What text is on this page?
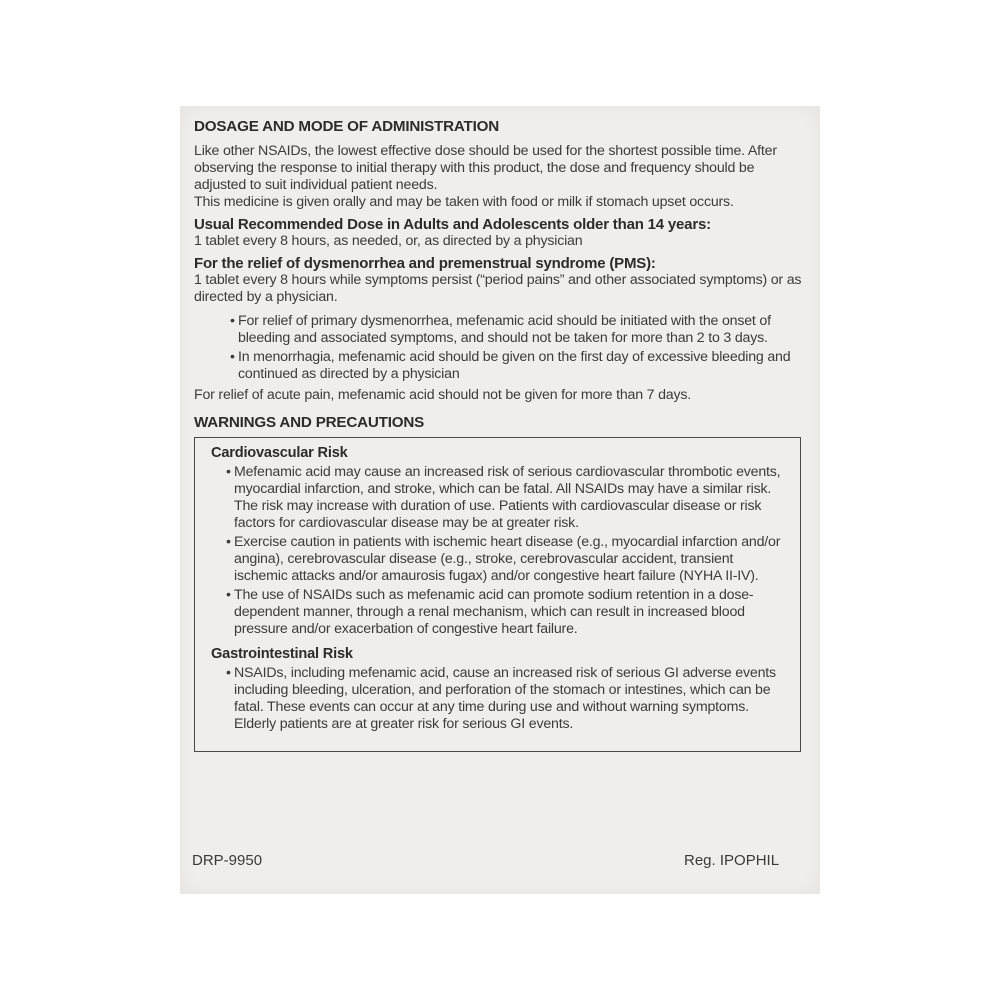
DOSAGE AND MODE OF ADMINISTRATION

Like other NSAIDs, the lowest effective dose should be used for the shortest possible time. After observing the response to initial therapy with this product, the dose and frequency should be adjusted to suit individual patient needs.

This medicine is given orally and may be taken with food or milk if stomach upset occurs.

Usual Recommended Dose in Adults and Adolescents older than 14 years:

1 tablet every 8 hours, as needed, or, as directed by a physician

For the relief of dysmenorrhea and premenstrual syndrome (PMS):

1 tablet every 8 hours while symptoms persist (“period pains” and other associated symptoms) or as directed by a physician.

• For relief of primary dysmenorrhea, mefenamic acid should be initiated with the onset of bleeding and associated symptoms, and should not be taken for more than 2 to 3 days.
• In menorrhagia, mefenamic acid should be given on the first day of excessive bleeding and continued as directed by a physician

For relief of acute pain, mefenamic acid should not be given for more than 7 days.

WARNINGS AND PRECAUTIONS
Cardiovascular Risk
• Mefenamic acid may cause an increased risk of serious cardiovascular thrombotic events, myocardial infarction, and stroke, which can be fatal. All NSAIDs may have a similar risk. The risk may increase with duration of use. Patients with cardiovascular disease or risk factors for cardiovascular disease may be at greater risk.
• Exercise caution in patients with ischemic heart disease (e.g., myocardial infarction and/or angina), cerebrovascular disease (e.g., stroke, cerebrovascular accident, transient ischemic attacks and/or amaurosis fugax) and/or congestive heart failure (NYHA II-IV).
• The use of NSAIDs such as mefenamic acid can promote sodium retention in a dose-dependent manner, through a renal mechanism, which can result in increased blood pressure and/or exacerbation of congestive heart failure.
Gastrointestinal Risk
• NSAIDs, including mefenamic acid, cause an increased risk of serious GI adverse events including bleeding, ulceration, and perforation of the stomach or intestines, which can be fatal. These events can occur at any time during use and without warning symptoms. Elderly patients are at greater risk for serious GI events.
DRP-9950	Reg. IPOPHIL
